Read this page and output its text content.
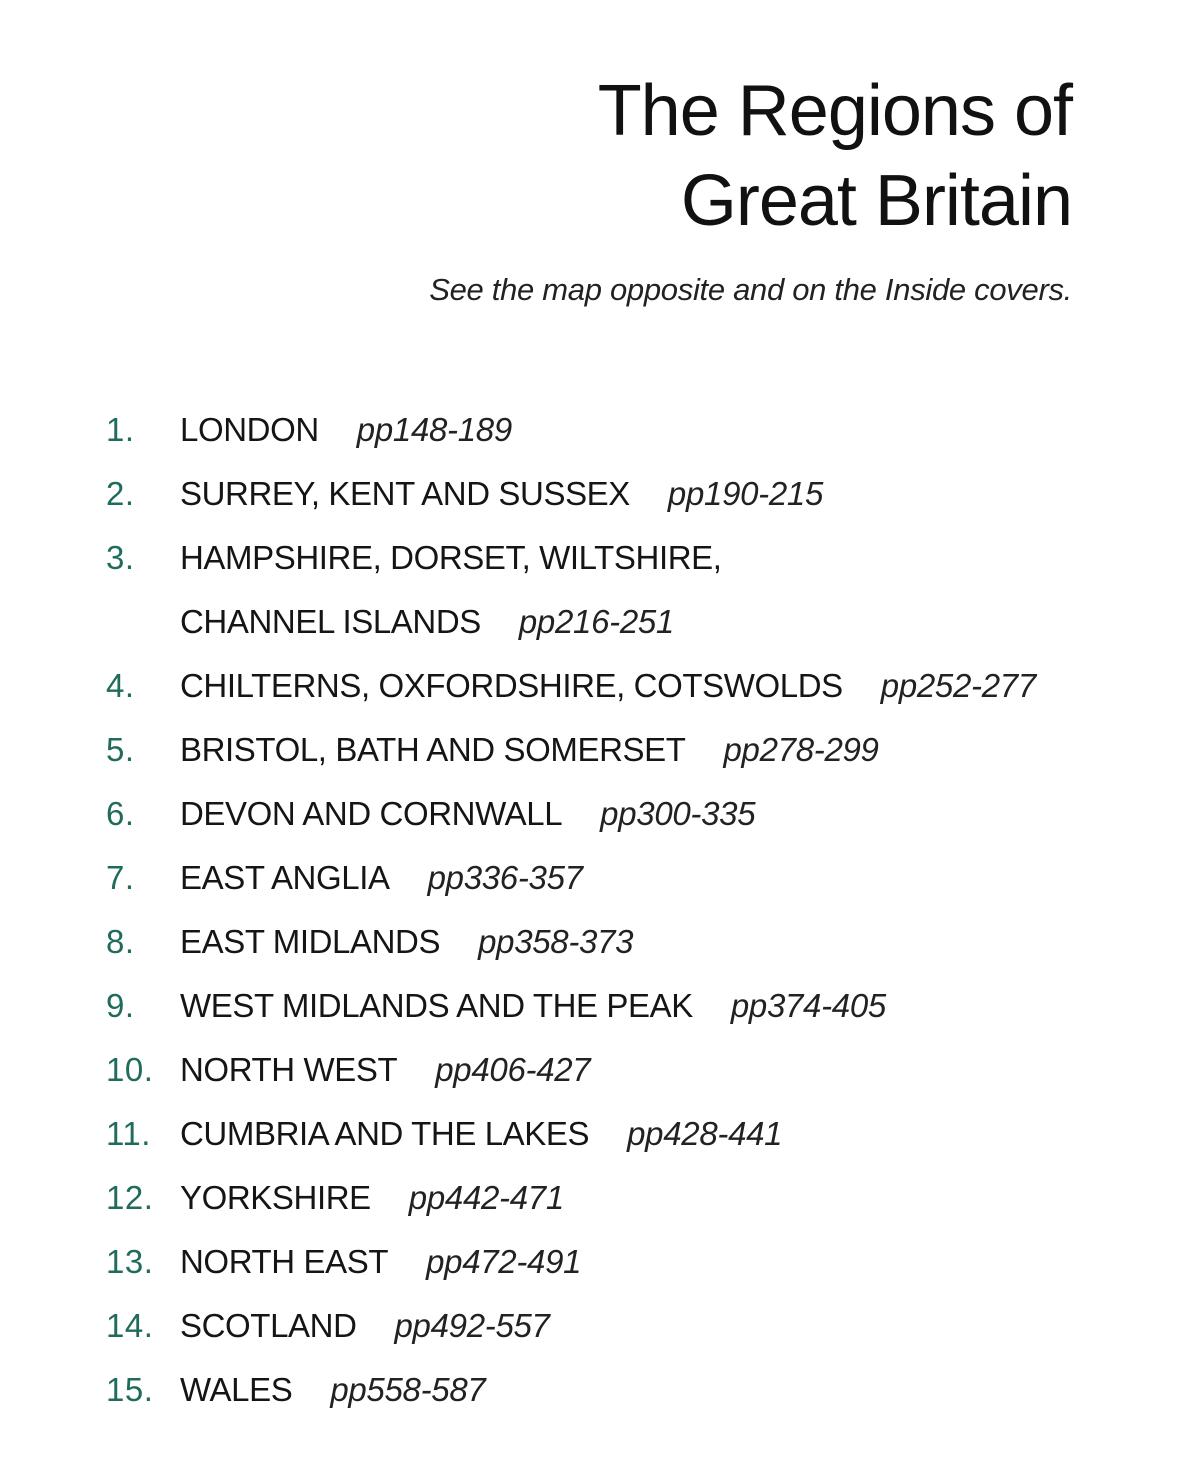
The Regions of
Great Britain
See the map opposite and on the Inside covers.
1. LONDON pp148-189
2. SURREY, KENT AND SUSSEX pp190-215
3. HAMPSHIRE, DORSET, WILTSHIRE,
CHANNEL ISLANDS pp216-251
4. CHILTERNS, OXFORDSHIRE, COTSWOLDS pp252-277
5. BRISTOL, BATH AND SOMERSET pp278-299
6. DEVON AND CORNWALL pp300-335
7. EAST ANGLIA pp336-357
8. EAST MIDLANDS pp358-373
9. WEST MIDLANDS AND THE PEAK pp374-405
10. NORTH WEST pp406-427
11. CUMBRIA AND THE LAKES pp428-441
12. YORKSHIRE pp442-471
13. NORTH EAST pp472-491
14. SCOTLAND pp492-557
15. WALES pp558-587
